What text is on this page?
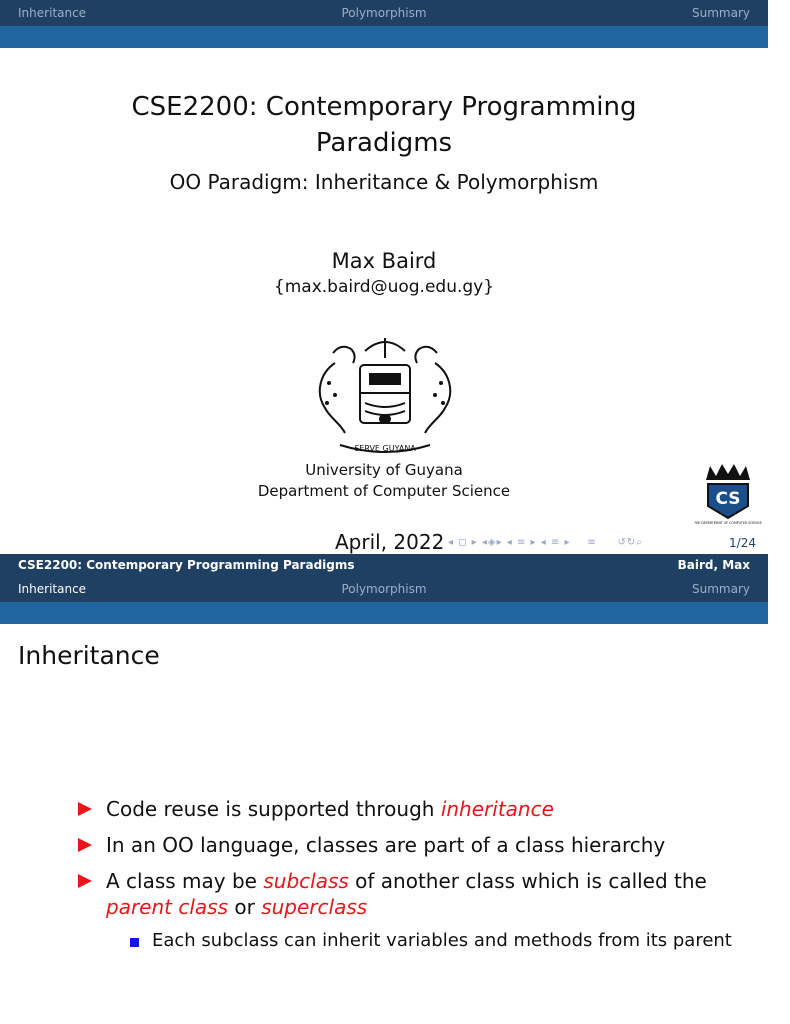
Inheritance	Polymorphism	Summary
CSE2200: Contemporary Programming
Paradigms
OO Paradigm: Inheritance & Polymorphism
Max Baird
{max.baird@uog.edu.gy}
SERVE GUYANA
University of Guyana
Department of Computer Science	CS
THE DEPARTMENT OF COMPUTER SCIENCE
April, 2022 ◂ ◻ ▸ ◂◈▸ ◂ ≡ ▸ ◂ ≡ ▸    ≡     ↺↻⌕	1/24
CSE2200: Contemporary Programming Paradigms	Baird, Max
Inheritance	Polymorphism	Summary
Inheritance
Code reuse is supported through inheritance
In an OO language, classes are part of a class hierarchy
A class may be subclass of another class which is called the
parent class or superclass
Each subclass can inherit variables and methods from its parent
